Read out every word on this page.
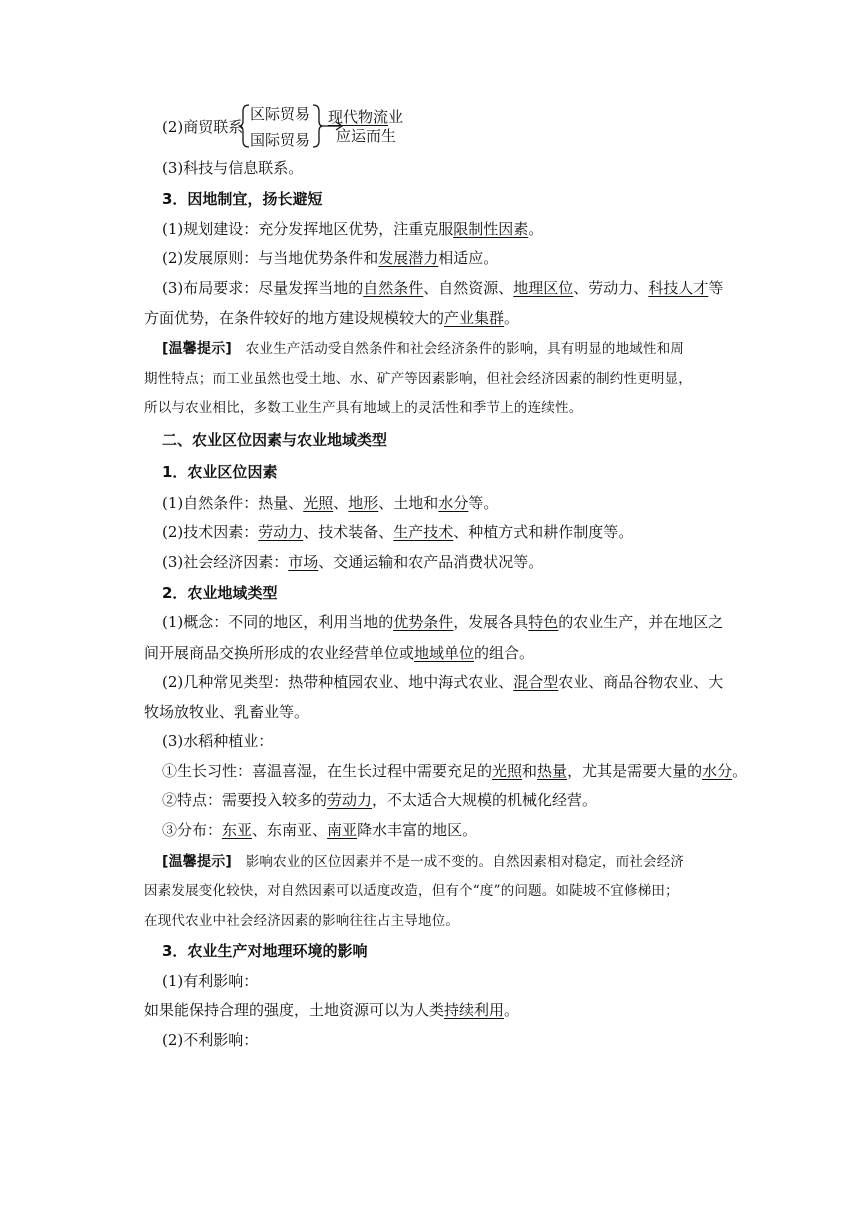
(2)商贸联系
区际贸易
国际贸易
现代物流业
应运而生
(3)科技与信息联系。
3．因地制宜，扬长避短
(1)规划建设：充分发挥地区优势，注重克服限制性因素。
(2)发展原则：与当地优势条件和发展潜力相适应。
(3)布局要求：尽量发挥当地的自然条件、自然资源、地理区位、劳动力、科技人才等
方面优势，在条件较好的地方建设规模较大的产业集群。
[温馨提示]　农业生产活动受自然条件和社会经济条件的影响，具有明显的地域性和周
期性特点；而工业虽然也受土地、水、矿产等因素影响，但社会经济因素的制约性更明显，
所以与农业相比，多数工业生产具有地域上的灵活性和季节上的连续性。
二、农业区位因素与农业地域类型
1．农业区位因素
(1)自然条件：热量、光照、地形、土地和水分等。
(2)技术因素：劳动力、技术装备、生产技术、种植方式和耕作制度等。
(3)社会经济因素：市场、交通运输和农产品消费状况等。
2．农业地域类型
(1)概念：不同的地区，利用当地的优势条件，发展各具特色的农业生产，并在地区之
间开展商品交换所形成的农业经营单位或地域单位的组合。
(2)几种常见类型：热带种植园农业、地中海式农业、混合型农业、商品谷物农业、大
牧场放牧业、乳畜业等。
(3)水稻种植业：
①生长习性：喜温喜湿，在生长过程中需要充足的光照和热量，尤其是需要大量的水分。
②特点：需要投入较多的劳动力，不太适合大规模的机械化经营。
③分布：东亚、东南亚、南亚降水丰富的地区。
[温馨提示]　影响农业的区位因素并不是一成不变的。自然因素相对稳定，而社会经济
因素发展变化较快，对自然因素可以适度改造，但有个“度”的问题。如陡坡不宜修梯田；
在现代农业中社会经济因素的影响往往占主导地位。
3．农业生产对地理环境的影响
(1)有利影响：
如果能保持合理的强度，土地资源可以为人类持续利用。
(2)不利影响：
